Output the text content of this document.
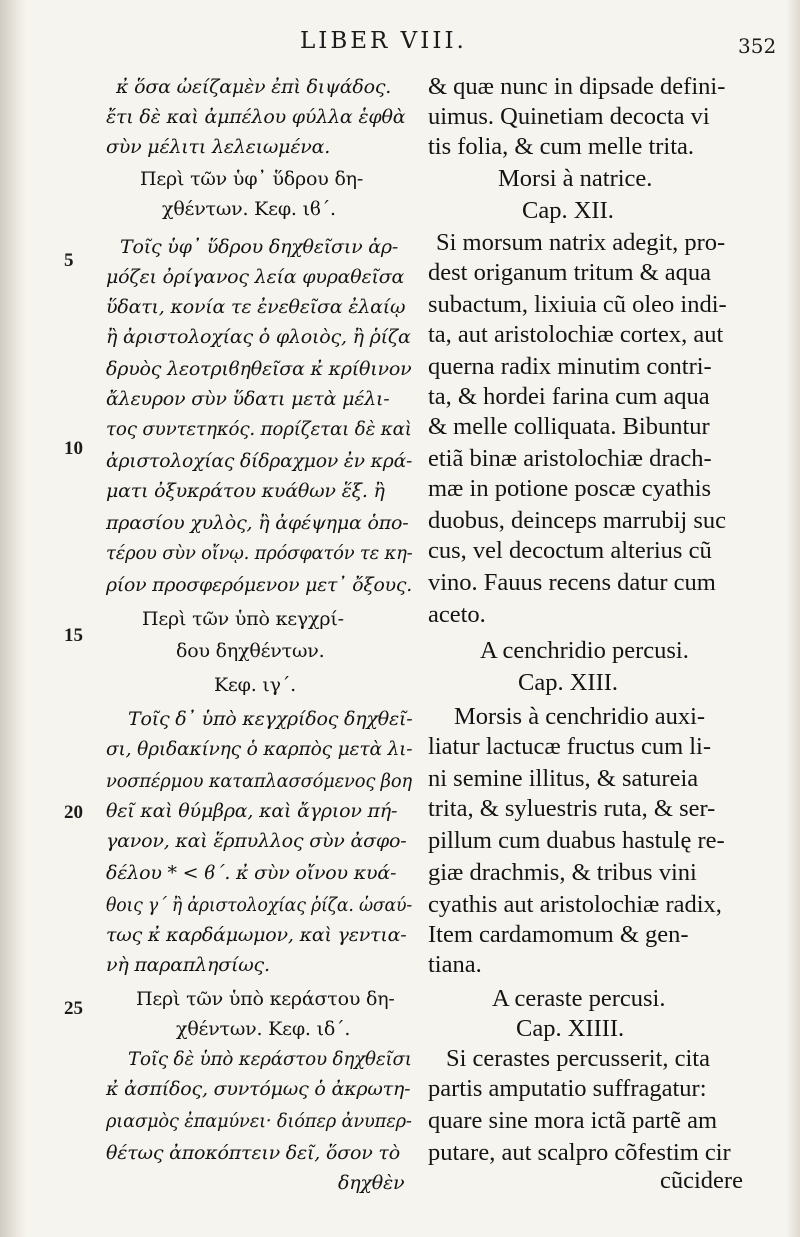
LIBER VIII.	352
5
10
15
20
25
κ̓ ὅσα ὠείζαμὲν ἐπὶ διψάδος.
ἔτι δὲ καὶ ἀμπέλου φύλλα ἑφθὰ
σὺν μέλιτι λελειωμένα.
Περὶ τῶν ὑφ᾽ ὕδρου δη-
χθέντων. Κεφ. ιϐ΄.
Τοῖς ὑφ᾽ ὕδρου δηχθεῖσιν ἁρ-
μόζει ὀρίγανος λεία φυραθεῖσα
ὕδατι, κονία τε ἐνεθεῖσα ἐλαίῳ
ἢ ἀριστολοχίας ὁ φλοιὸς, ἢ ῥίζα
δρυὸς λεοτριϐηθεῖσα κ̓ κρίθινον
ἄλευρον σὺν ὕδατι μετὰ μέλι-
τος συντετηκός. πορίζεται δὲ καὶ
ἀριστολοχίας δίδραχμον ἐν κρά-
ματι ὀξυκράτου κυάθων ἕξ. ἢ
πρασίου χυλὸς, ἢ ἀφέψημα ὁπο-
τέρου σὺν οἴνῳ. πρόσφατόν τε κη-
ρίον προσφερόμενον μετ᾽ ὄξους.
Περὶ τῶν ὑπὸ κεγχρί-
δου δηχθέντων.
Κεφ. ιγ΄.
Τοῖς δ᾽ ὑπὸ κεγχρίδος δηχθεῖ-
σι, θριδακίνης ὁ καρπὸς μετὰ λι-
νοσπέρμου καταπλασσόμενος βοη
θεῖ καὶ θύμβρα, καὶ ἄγριον πή-
γανον, καὶ ἕρπυλλος σὺν ἀσφο-
δέλου * < ϐ΄. κ̓ σὺν οἴνου κυά-
θοις γ΄ ἢ ἀριστολοχίας ῥίζα. ὡσαύ-
τως κ̓ καρδάμωμον, καὶ γεντια-
νὴ παραπλησίως.
Περὶ τῶν ὑπὸ κεράστου δη-
χθέντων. Κεφ. ιδ΄.
Τοῖς δὲ ὑπὸ κεράστου δηχθεῖσι
κ̓ ἀσπίδος, συντόμως ὁ ἀκρωτη-
ριασμὸς ἐπαμύνει· διόπερ ἀνυπερ-
θέτως ἀποκόπτειν δεῖ, ὅσον τὸ
δηχθὲν
& quæ nunc in dipsade defini-
uimus. Quinetiam decocta vi
tis folia, & cum melle trita.
Morsi à natrice.
Cap. XII.
Si morsum natrix adegit, pro-
dest origanum tritum & aqua
subactum, lixiuia cũ oleo indi-
ta, aut aristolochiæ cortex, aut
querna radix minutim contri-
ta, & hordei farina cum aqua
& melle colliquata. Bibuntur
etiã binæ aristolochiæ drach-
mæ in potione poscæ cyathis
duobus, deinceps marrubij suc
cus, vel decoctum alterius cũ
vino. Fauus recens datur cum
aceto.
A cenchridio percusi.
Cap. XIII.
Morsis à cenchridio auxi-
liatur lactucæ fructus cum li-
ni semine illitus, & satureia
trita, & syluestris ruta, & ser-
pillum cum duabus hastulę re-
giæ drachmis, & tribus vini
cyathis aut aristolochiæ radix,
Item cardamomum & gen-
tiana.
A ceraste percusi.
Cap. XIIII.
Si cerastes percusserit, cita
partis amputatio suffragatur:
quare sine mora ictã partẽ am
putare, aut scalpro cõfestim cir
cũcidere
